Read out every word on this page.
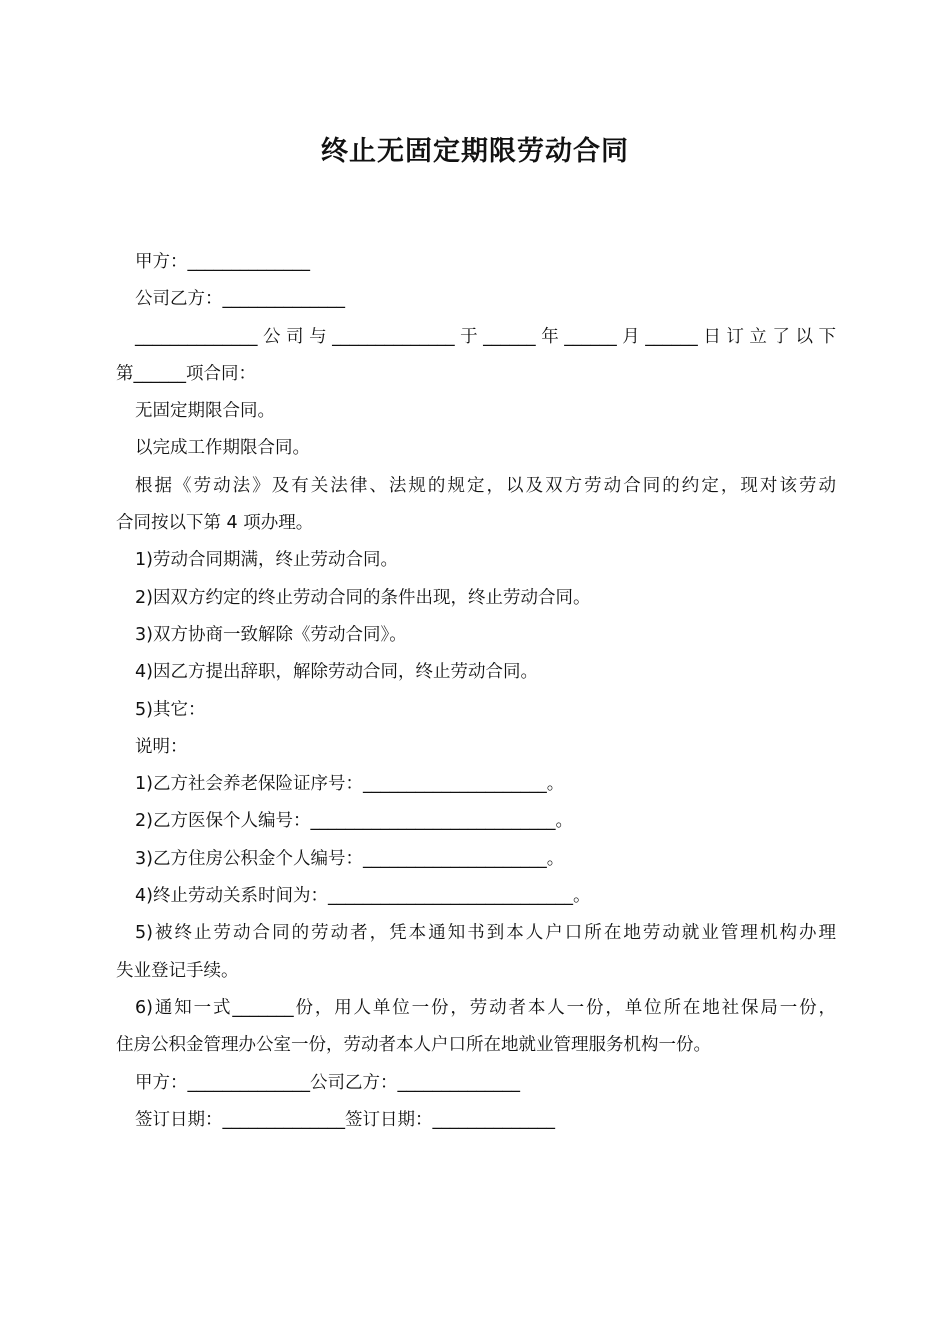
终止无固定期限劳动合同
甲方：______________
公司乙方：______________
______________公司与______________于______年______月______日订立了以下
第______项合同：
无固定期限合同。
以完成工作期限合同。
根据《劳动法》及有关法律、法规的规定，以及双方劳动合同的约定，现对该劳动
合同按以下第 4 项办理。
1)劳动合同期满，终止劳动合同。
2)因双方约定的终止劳动合同的条件出现，终止劳动合同。
3)双方协商一致解除《劳动合同》。
4)因乙方提出辞职，解除劳动合同，终止劳动合同。
5)其它：
说明：
1)乙方社会养老保险证序号：_____________________。
2)乙方医保个人编号：____________________________。
3)乙方住房公积金个人编号：_____________________。
4)终止劳动关系时间为：____________________________。
5)被终止劳动合同的劳动者，凭本通知书到本人户口所在地劳动就业管理机构办理
失业登记手续。
6)通知一式_______份，用人单位一份，劳动者本人一份，单位所在地社保局一份，
住房公积金管理办公室一份，劳动者本人户口所在地就业管理服务机构一份。
甲方：______________公司乙方：______________
签订日期：______________签订日期：______________
